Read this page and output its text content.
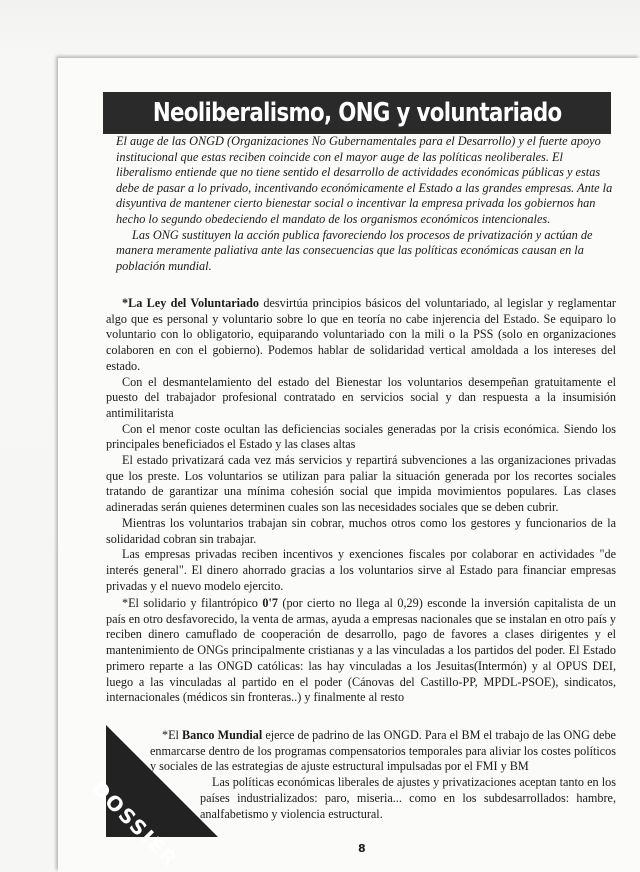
Neoliberalismo, ONG y voluntariado

El auge de las ONGD (Organizaciones No Gubernamentales para el Desarrollo) y el fuerte apoyo institucional que estas reciben coincide con el mayor auge de las políticas neoliberales. El liberalismo entiende que no tiene sentido el desarrollo de actividades económicas públicas y estas debe de pasar a lo privado, incentivando económicamente el Estado a las grandes empresas. Ante la disyuntiva de mantener cierto bienestar social o incentivar la empresa privada los gobiernos han hecho lo segundo obedeciendo el mandato de los organismos económicos intencionales.

Las ONG sustituyen la acción publica favoreciendo los procesos de privatización y actúan de manera meramente paliativa ante las consecuencias que las políticas económicas causan en la población mundial.

*La Ley del Voluntariado desvirtúa principios básicos del voluntariado, al legislar y reglamentar algo que es personal y voluntario sobre lo que en teoría no cabe injerencia del Estado. Se equiparo lo voluntario con lo obligatorio, equiparando voluntariado con la mili o la PSS (solo en organizaciones colaboren en con el gobierno). Podemos hablar de solidaridad vertical amoldada a los intereses del estado.

Con el desmantelamiento del estado del Bienestar los voluntarios desempeñan gratuitamente el puesto del trabajador profesional contratado en servicios social y dan respuesta a la insumisión antimilitarista

Con el menor coste ocultan las deficiencias sociales generadas por la crisis económica. Siendo los principales beneficiados el Estado y las clases altas

El estado privatizará cada vez más servicios y repartirá subvenciones a las organizaciones privadas que los preste. Los voluntarios se utilizan para paliar la situación generada por los recortes sociales tratando de garantizar una mínima cohesión social que impida movimientos populares. Las clases adineradas serán quienes determinen cuales son las necesidades sociales que se deben cubrir.

Mientras los voluntarios trabajan sin cobrar, muchos otros como los gestores y funcionarios de la solidaridad cobran sin trabajar.

Las empresas privadas reciben incentivos y exenciones fiscales por colaborar en actividades "de interés general". El dinero ahorrado gracias a los voluntarios sirve al Estado para financiar empresas privadas y el nuevo modelo ejercito.

*El solidario y filantrópico 0'7 (por cierto no llega al 0,29) esconde la inversión capitalista de un país en otro desfavorecido, la venta de armas, ayuda a empresas nacionales que se instalan en otro país y reciben dinero camuflado de cooperación de desarrollo, pago de favores a clases dirigentes y el mantenimiento de ONGs principalmente cristianas y a las vinculadas a los partidos del poder. El Estado primero reparte a las ONGD católicas: las hay vinculadas a los Jesuitas(Intermón) y al OPUS DEI, luego a las vinculadas al partido en el poder (Cánovas del Castillo-PP, MPDL-PSOE), sindicatos, internacionales (médicos sin fronteras..) y finalmente al resto

DOSSIER

*El Banco Mundial ejerce de padrino de las ONGD. Para el BM el trabajo de las ONG debe enmarcarse dentro de los programas compensatorios temporales para aliviar los costes políticos y sociales de las estrategias de ajuste estructural impulsadas por el FMI y BM

Las políticas económicas liberales de ajustes y privatizaciones aceptan tanto en los países industrializados: paro, miseria... como en los subdesarrollados: hambre, analfabetismo y violencia estructural.

8
